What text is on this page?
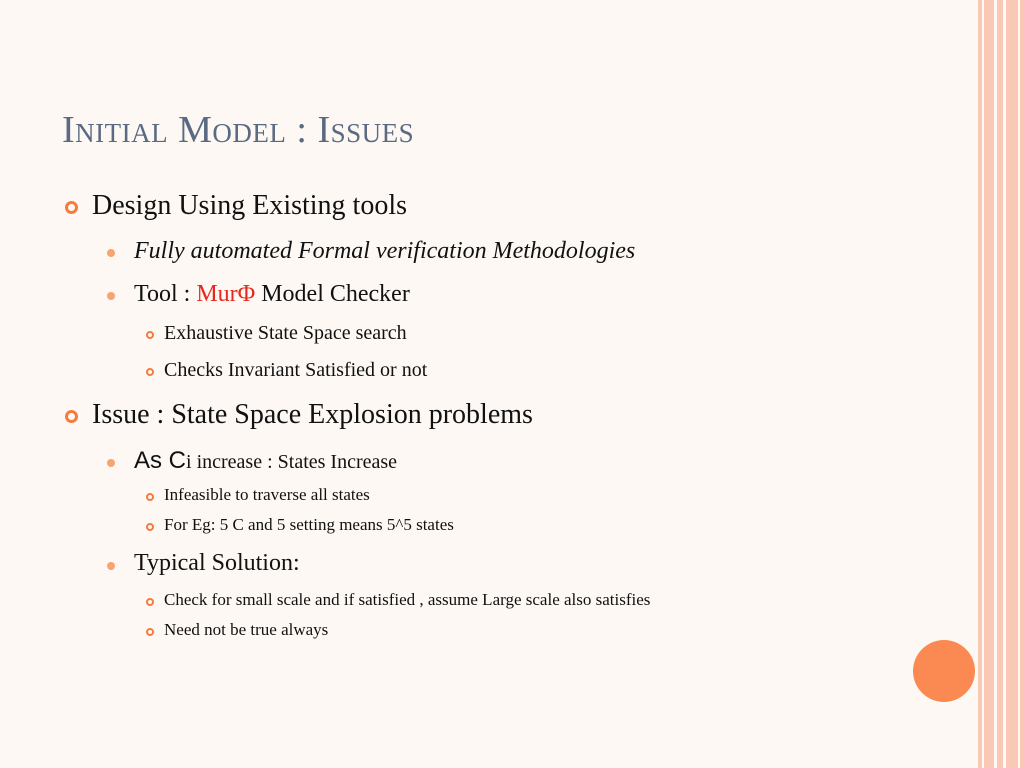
Initial Model : Issues
Design Using Existing tools
Fully automated Formal verification Methodologies
Tool : MurΦ Model Checker
Exhaustive State Space search
Checks Invariant Satisfied or not
Issue : State Space Explosion problems
As Ci increase : States Increase
Infeasible to traverse all states
For Eg: 5 C and 5 setting means 5^5 states
Typical Solution:
Check for small scale and if satisfied , assume Large scale also satisfies
Need not be true always
